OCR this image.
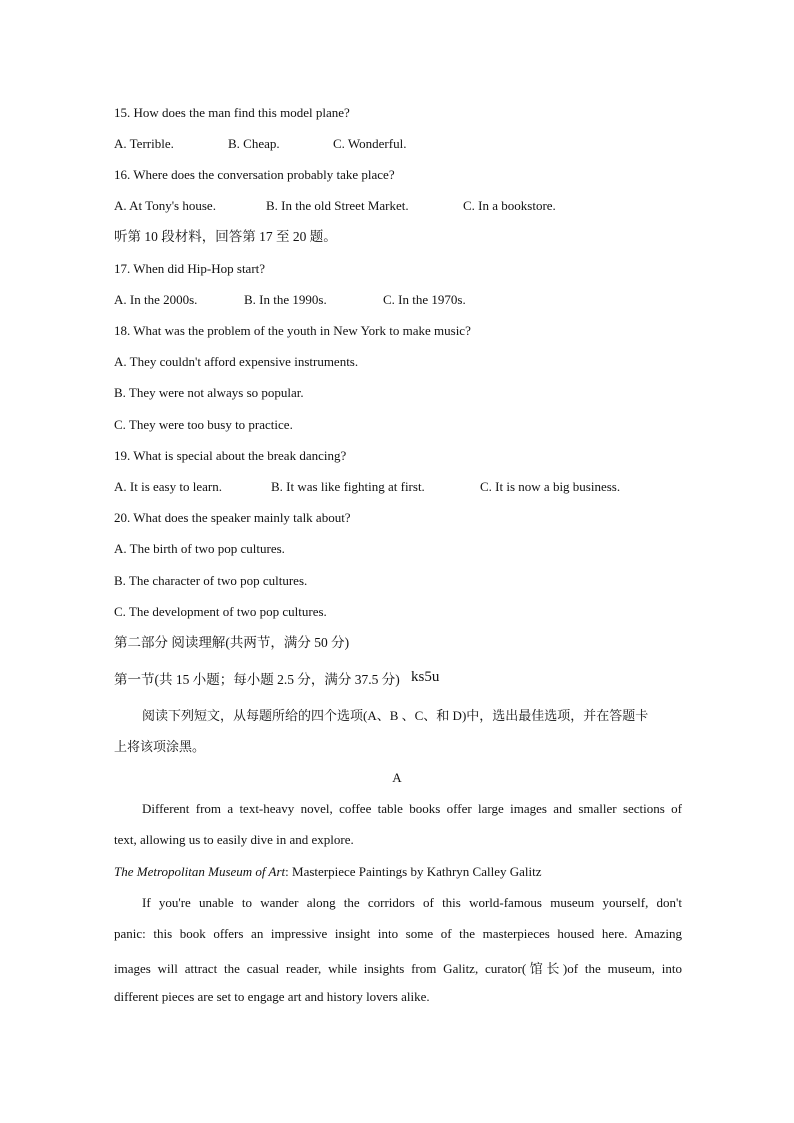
15. How does the man find this model plane?
A. Terrible.	B. Cheap.	C. Wonderful.
16. Where does the conversation probably take place?
A. At Tony's house.	B. In the old Street Market.	C. In a bookstore.
听第 10 段材料，回答第 17 至 20 题。
17. When did Hip-Hop start?
A. In the 2000s.	B. In the 1990s.	C. In the 1970s.
18. What was the problem of the youth in New York to make music?
A. They couldn't afford expensive instruments.
B. They were not always so popular.
C. They were too busy to practice.
19. What is special about the break dancing?
A. It is easy to learn.	B. It was like fighting at first.	C. It is now a big business.
20. What does the speaker mainly talk about?
A. The birth of two pop cultures.
B. The character of two pop cultures.
C. The development of two pop cultures.
第二部分 阅读理解(共两节，满分 50 分)
第一节(共 15 小题；每小题 2.5 分，满分 37.5 分) ks5u
阅读下列短文，从每题所给的四个选项(A、B 、C、和 D)中，选出最佳选项，并在答题卡
上将该项涂黑。
A
Different from a text-heavy novel, coffee table books offer large images and smaller sections of
text, allowing us to easily dive in and explore.
The Metropolitan Museum of Art: Masterpiece Paintings by Kathryn Calley Galitz
If you're unable to wander along the corridors of this world-famous museum yourself, don't
panic: this book offers an impressive insight into some of the masterpieces housed here. Amazing
images will attract the casual reader, while insights from Galitz, curator(馆长)of the museum, into
different pieces are set to engage art and history lovers alike.
